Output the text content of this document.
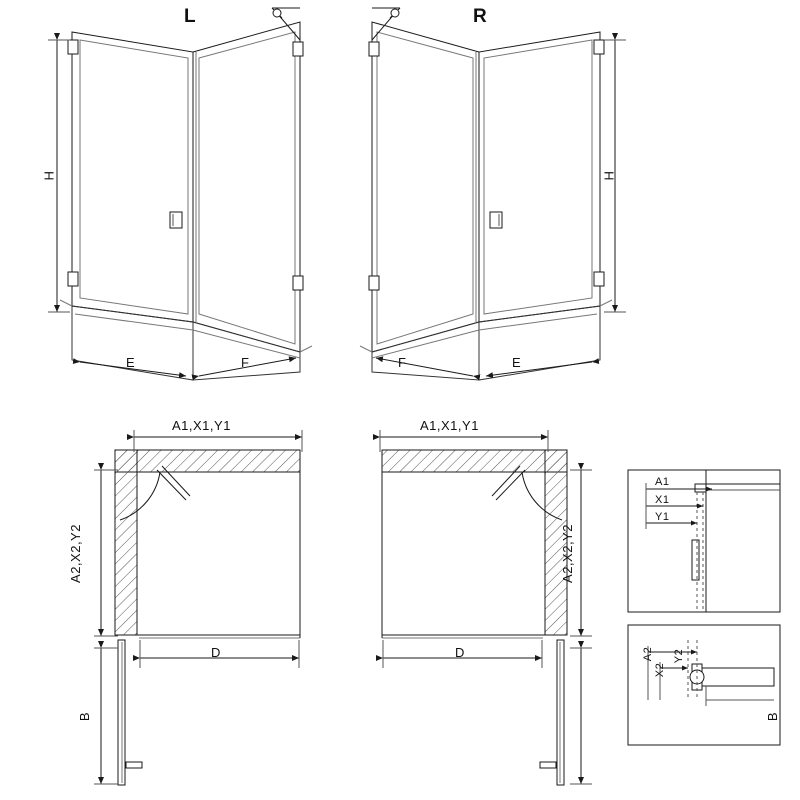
L	R
H	H
E	F	F	E
A1,X1,Y1	A1,X1,Y1
A2,X2,Y2	A2,X2,Y2
D	D
B	B
A1
X1
Y1
A2
X2
Y2
